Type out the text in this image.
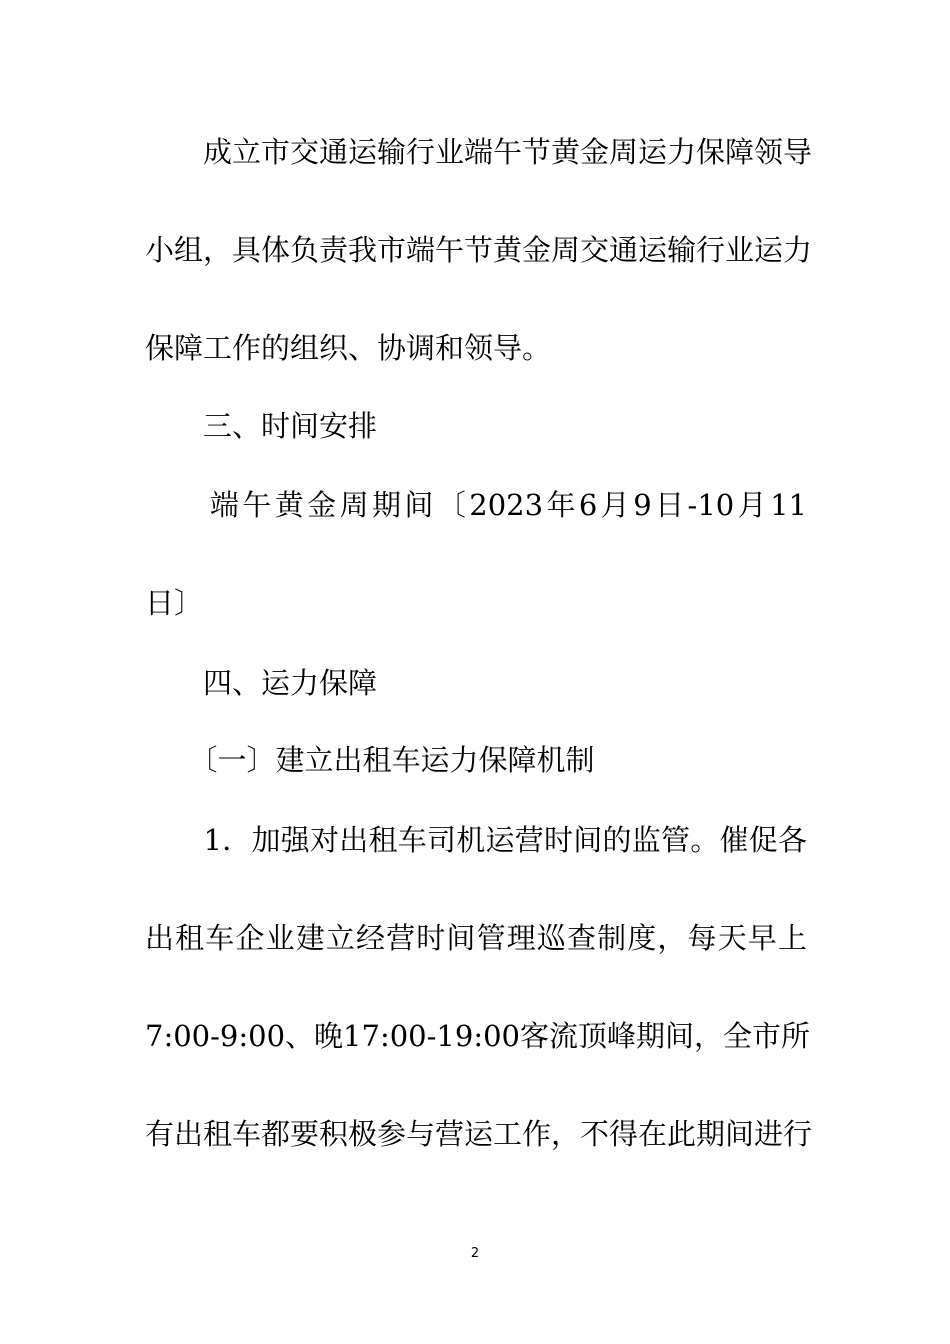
　　成立市交通运输行业端午节黄金周运力保障领导
小组，具体负责我市端午节黄金周交通运输行业运力
保障工作的组织、协调和领导。
　　三、时间安排
　　端午黄金周期间〔2023年6月9日-10月11
日〕
　　四、运力保障
　　〔一〕建立出租车运力保障机制
　　1．加强对出租车司机运营时间的监管。催促各
出租车企业建立经营时间管理巡查制度，每天早上
7:00-9:00、晚17:00-19:00客流顶峰期间，全市所
有出租车都要积极参与营运工作，不得在此期间进行
2
